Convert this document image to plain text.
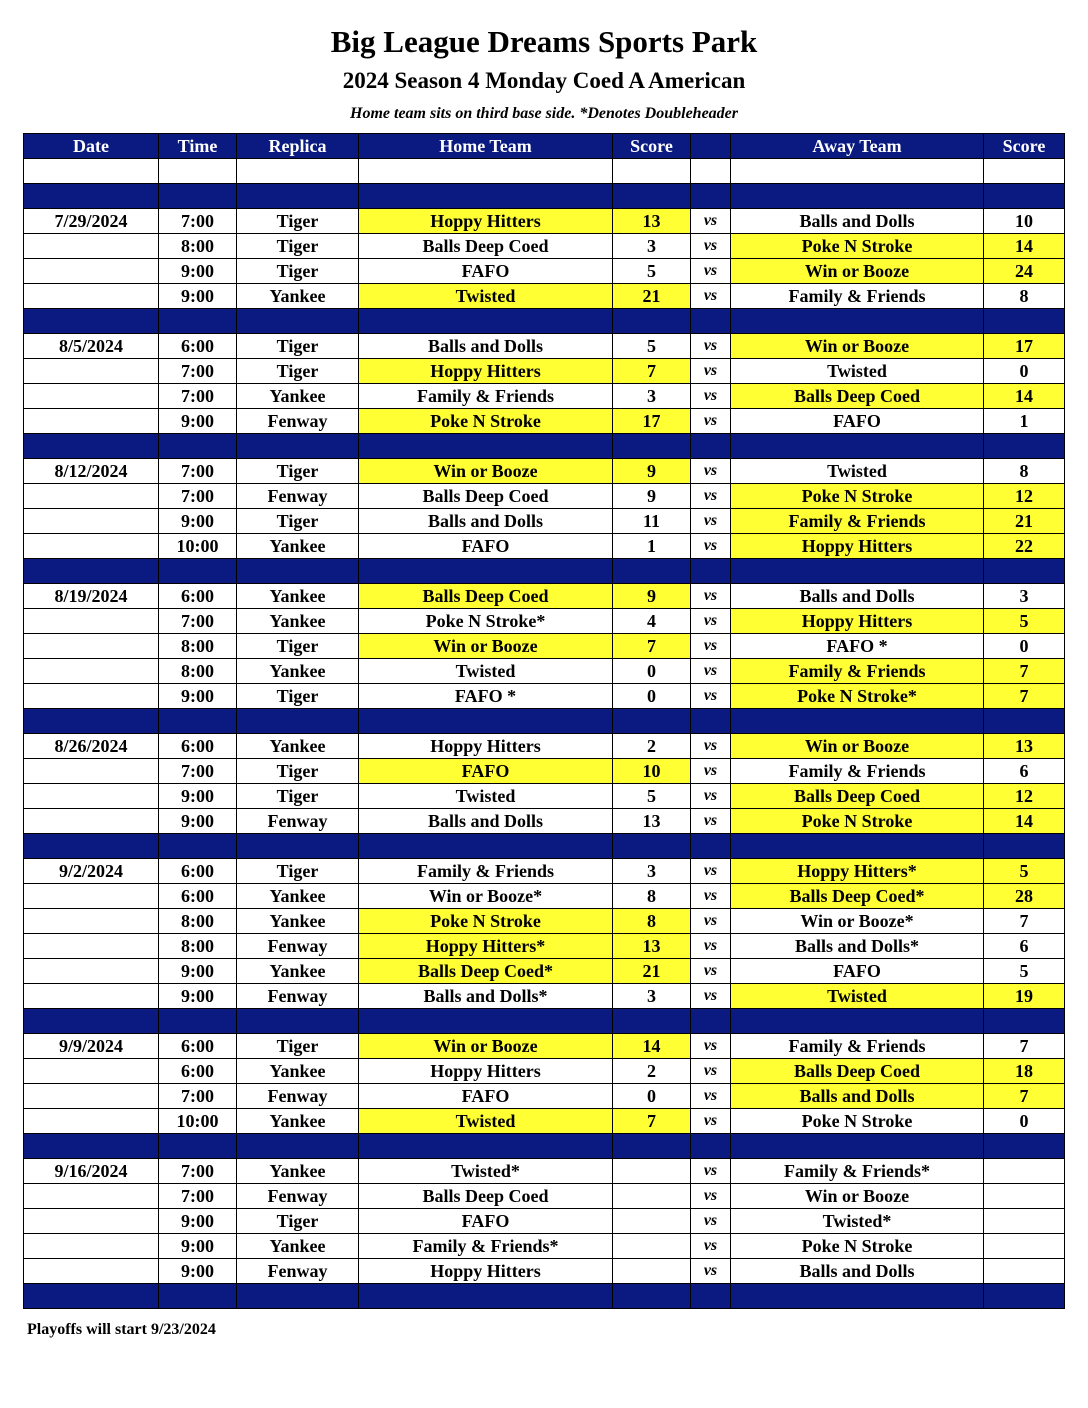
Big League Dreams Sports Park
2024 Season 4 Monday Coed A American
Home team sits on third base side. *Denotes Doubleheader
Date	Time	Replica	Home Team	Score		Away Team	Score

7/29/2024	7:00	Tiger	Hoppy Hitters	13	vs	Balls and Dolls	10
	8:00	Tiger	Balls Deep Coed	3	vs	Poke N Stroke	14
	9:00	Tiger	FAFO	5	vs	Win or Booze	24
	9:00	Yankee	Twisted	21	vs	Family & Friends	8

8/5/2024	6:00	Tiger	Balls and Dolls	5	vs	Win or Booze	17
	7:00	Tiger	Hoppy Hitters	7	vs	Twisted	0
	7:00	Yankee	Family & Friends	3	vs	Balls Deep Coed	14
	9:00	Fenway	Poke N Stroke	17	vs	FAFO	1

8/12/2024	7:00	Tiger	Win or Booze	9	vs	Twisted	8
	7:00	Fenway	Balls Deep Coed	9	vs	Poke N Stroke	12
	9:00	Tiger	Balls and Dolls	11	vs	Family & Friends	21
	10:00	Yankee	FAFO	1	vs	Hoppy Hitters	22

8/19/2024	6:00	Yankee	Balls Deep Coed	9	vs	Balls and Dolls	3
	7:00	Yankee	Poke N Stroke*	4	vs	Hoppy Hitters	5
	8:00	Tiger	Win or Booze	7	vs	FAFO *	0
	8:00	Yankee	Twisted	0	vs	Family & Friends	7
	9:00	Tiger	FAFO *	0	vs	Poke N Stroke*	7

8/26/2024	6:00	Yankee	Hoppy Hitters	2	vs	Win or Booze	13
	7:00	Tiger	FAFO	10	vs	Family & Friends	6
	9:00	Tiger	Twisted	5	vs	Balls Deep Coed	12
	9:00	Fenway	Balls and Dolls	13	vs	Poke N Stroke	14

9/2/2024	6:00	Tiger	Family & Friends	3	vs	Hoppy Hitters*	5
	6:00	Yankee	Win or Booze*	8	vs	Balls Deep Coed*	28
	8:00	Yankee	Poke N Stroke	8	vs	Win or Booze*	7
	8:00	Fenway	Hoppy Hitters*	13	vs	Balls and Dolls*	6
	9:00	Yankee	Balls Deep Coed*	21	vs	FAFO	5
	9:00	Fenway	Balls and Dolls*	3	vs	Twisted	19

9/9/2024	6:00	Tiger	Win or Booze	14	vs	Family & Friends	7
	6:00	Yankee	Hoppy Hitters	2	vs	Balls Deep Coed	18
	7:00	Fenway	FAFO	0	vs	Balls and Dolls	7
	10:00	Yankee	Twisted	7	vs	Poke N Stroke	0

9/16/2024	7:00	Yankee	Twisted*		vs	Family & Friends*	
	7:00	Fenway	Balls Deep Coed		vs	Win or Booze	
	9:00	Tiger	FAFO		vs	Twisted*	
	9:00	Yankee	Family & Friends*		vs	Poke N Stroke	
	9:00	Fenway	Hoppy Hitters		vs	Balls and Dolls	

Playoffs will start 9/23/2024
